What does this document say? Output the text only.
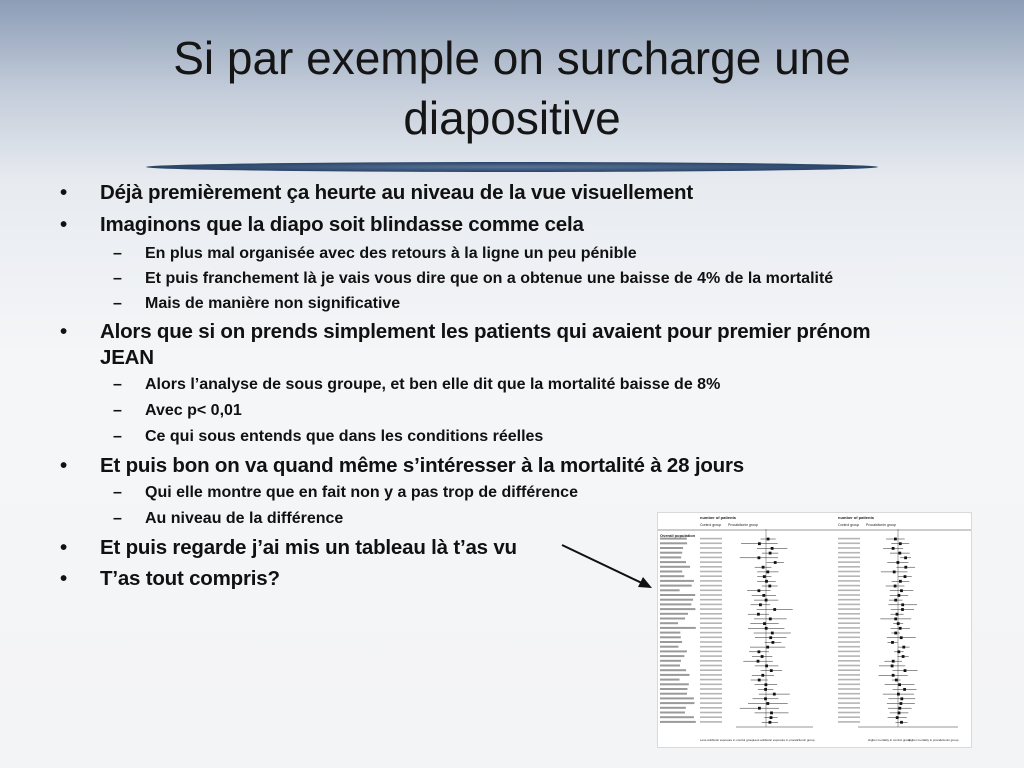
Si par exemple on surcharge une diapositive
• Déjà premièrement ça heurte au niveau de la vue visuellement
• Imaginons que la diapo soit blindasse comme cela
– En plus mal organisée avec des retours à la ligne un peu pénible
– Et puis franchement là je vais vous dire que on a obtenue une baisse de 4% de la mortalité
– Mais de manière non significative
• Alors que si on prends simplement les patients qui avaient pour premier prénom
JEAN
– Alors l’analyse de sous groupe, et ben elle dit que la mortalité baisse de 8%
– Avec p< 0,01
– Ce qui sous entends que dans les conditions réelles
• Et puis bon on va quand même s’intéresser à la mortalité à 28 jours
– Qui elle montre que en fait non y a pas trop de différence
– Au niveau de la différence
• Et puis regarde j’ai mis un tableau là t’as vu
• T’as tout compris?
number of patients	number of patients
Control group Procalcitonin group	Control group Procalcitonin group
Overall population
Less antibiotic exposure in control group Less antibiotic exposure in procalcitonin group	Higher mortality in control group
Higher mortality in procalcitonin group
